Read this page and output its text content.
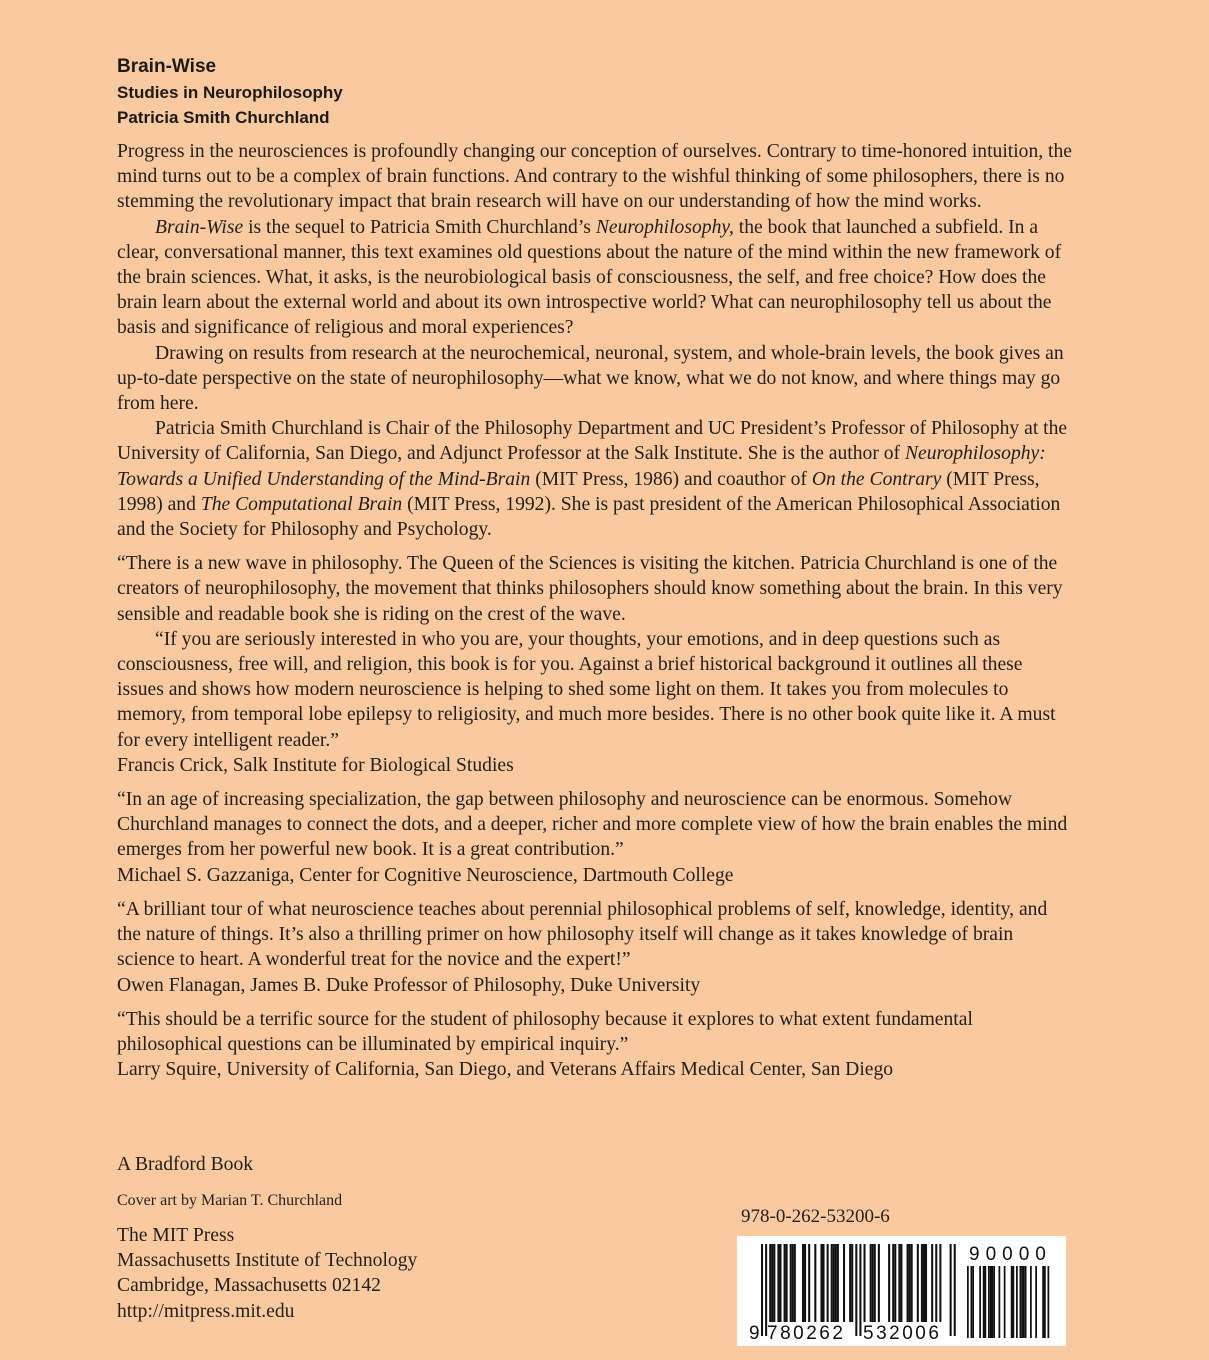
Brain-Wise
Studies in Neurophilosophy
Patricia Smith Churchland

Progress in the neurosciences is profoundly changing our conception of ourselves. Contrary to time-honored intuition, the mind turns out to be a complex of brain functions. And contrary to the wishful thinking of some philosophers, there is no stemming the revolutionary impact that brain research will have on our understanding of how the mind works.

Brain-Wise is the sequel to Patricia Smith Churchland’s Neurophilosophy, the book that launched a subfield. In a clear, conversational manner, this text examines old questions about the nature of the mind within the new framework of the brain sciences. What, it asks, is the neurobiological basis of consciousness, the self, and free choice? How does the brain learn about the external world and about its own introspective world? What can neurophilosophy tell us about the basis and significance of religious and moral experiences?

Drawing on results from research at the neurochemical, neuronal, system, and whole-brain levels, the book gives an up-to-date perspective on the state of neurophilosophy—what we know, what we do not know, and where things may go from here.

Patricia Smith Churchland is Chair of the Philosophy Department and UC President’s Professor of Philosophy at the University of California, San Diego, and Adjunct Professor at the Salk Institute. She is the author of Neurophilosophy: Towards a Unified Understanding of the Mind-Brain (MIT Press, 1986) and coauthor of On the Contrary (MIT Press, 1998) and The Computational Brain (MIT Press, 1992). She is past president of the American Philosophical Association and the Society for Philosophy and Psychology.

“There is a new wave in philosophy. The Queen of the Sciences is visiting the kitchen. Patricia Churchland is one of the creators of neurophilosophy, the movement that thinks philosophers should know something about the brain. In this very sensible and readable book she is riding on the crest of the wave.

“If you are seriously interested in who you are, your thoughts, your emotions, and in deep questions such as consciousness, free will, and religion, this book is for you. Against a brief historical background it outlines all these issues and shows how modern neuroscience is helping to shed some light on them. It takes you from molecules to memory, from temporal lobe epilepsy to religiosity, and much more besides. There is no other book quite like it. A must for every intelligent reader.”

Francis Crick, Salk Institute for Biological Studies

“In an age of increasing specialization, the gap between philosophy and neuroscience can be enormous. Somehow Churchland manages to connect the dots, and a deeper, richer and more complete view of how the brain enables the mind emerges from her powerful new book. It is a great contribution.”

Michael S. Gazzaniga, Center for Cognitive Neuroscience, Dartmouth College

“A brilliant tour of what neuroscience teaches about perennial philosophical problems of self, knowledge, identity, and the nature of things. It’s also a thrilling primer on how philosophy itself will change as it takes knowledge of brain science to heart. A wonderful treat for the novice and the expert!”

Owen Flanagan, James B. Duke Professor of Philosophy, Duke University

“This should be a terrific source for the student of philosophy because it explores to what extent fundamental philosophical questions can be illuminated by empirical inquiry.”

Larry Squire, University of California, San Diego, and Veterans Affairs Medical Center, San Diego

A Bradford Book
Cover art by Marian T. Churchland
The MIT Press
Massachusetts Institute of Technology
Cambridge, Massachusetts 02142
http://mitpress.mit.edu
978-0-262-53200-6
9 780262 532006
90000
